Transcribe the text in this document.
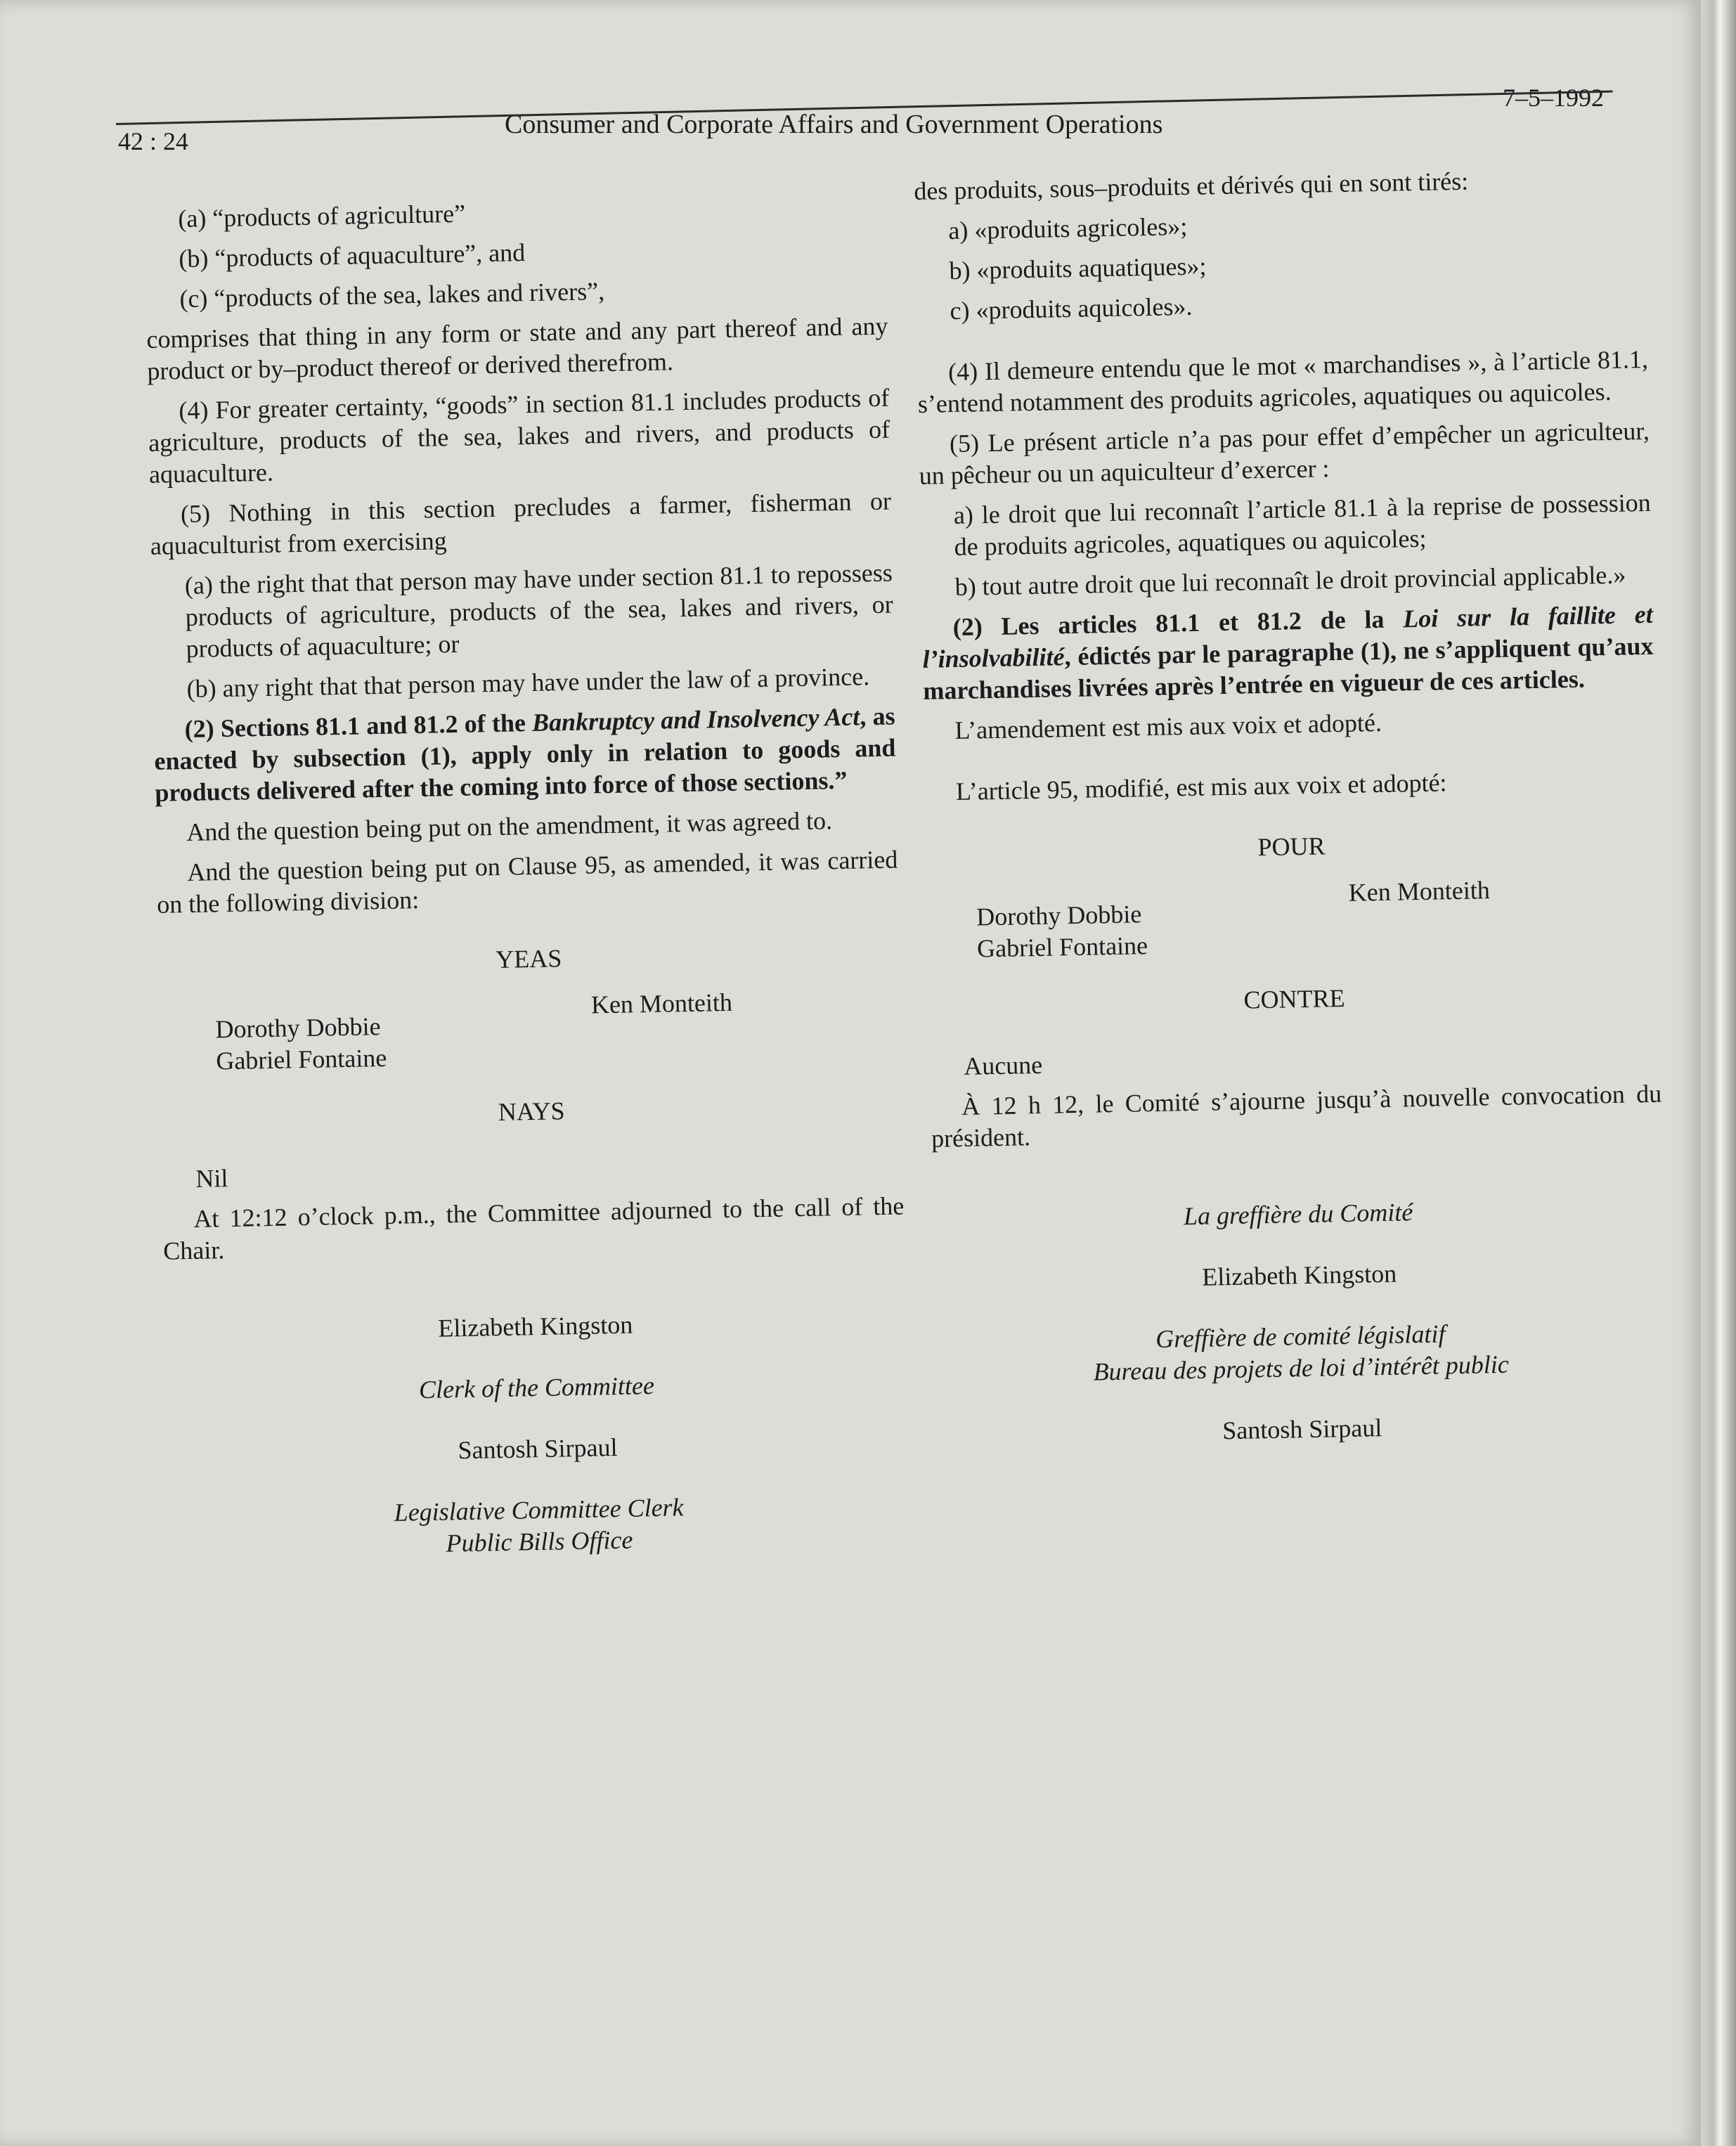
42 : 24
Consumer and Corporate Affairs and Government Operations
7–5–1992

(a) “products of agriculture”

(b) “products of aquaculture”, and

(c) “products of the sea, lakes and rivers”,

comprises that thing in any form or state and any part thereof and any product or by–product thereof or derived therefrom.

(4) For greater certainty, “goods” in section 81.1 includes products of agriculture, products of the sea, lakes and rivers, and products of aquaculture.

(5) Nothing in this section precludes a farmer, fisherman or aquaculturist from exercising

(a) the right that that person may have under section 81.1 to repossess products of agriculture, products of the sea, lakes and rivers, or products of aquaculture; or

(b) any right that that person may have under the law of a province.

(2) Sections 81.1 and 81.2 of the Bankruptcy and Insolvency Act, as enacted by subsection (1), apply only in relation to goods and products delivered after the coming into force of those sections.”

And the question being put on the amendment, it was agreed to.

And the question being put on Clause 95, as amended, it was carried on the following division:

YEAS

Dorothy Dobbie
Gabriel Fontaine
Ken Monteith

NAYS

Nil

At 12:12 o’clock p.m., the Committee adjourned to the call of the Chair.

Elizabeth Kingston

Clerk of the Committee

Santosh Sirpaul

Legislative Committee Clerk

Public Bills Office

des produits, sous–produits et dérivés qui en sont tirés:

a) «produits agricoles»;

b) «produits aquatiques»;

c) «produits aquicoles».

(4) Il demeure entendu que le mot « marchandises », à l’article 81.1, s’entend notamment des produits agricoles, aquatiques ou aquicoles.

(5) Le présent article n’a pas pour effet d’empêcher un agriculteur, un pêcheur ou un aquiculteur d’exercer :

a) le droit que lui reconnaît l’article 81.1 à la reprise de possession de produits agricoles, aquatiques ou aquicoles;

b) tout autre droit que lui reconnaît le droit provincial applicable.»

(2) Les articles 81.1 et 81.2 de la Loi sur la faillite et l’insolvabilité, édictés par le paragraphe (1), ne s’appliquent qu’aux marchandises livrées après l’entrée en vigueur de ces articles.

L’amendement est mis aux voix et adopté.

L’article 95, modifié, est mis aux voix et adopté:

POUR

Dorothy Dobbie
Gabriel Fontaine
Ken Monteith

CONTRE

Aucune

À 12 h 12, le Comité s’ajourne jusqu’à nouvelle convocation du président.

La greffière du Comité

Elizabeth Kingston

Greffière de comité législatif

Bureau des projets de loi d’intérêt public

Santosh Sirpaul
